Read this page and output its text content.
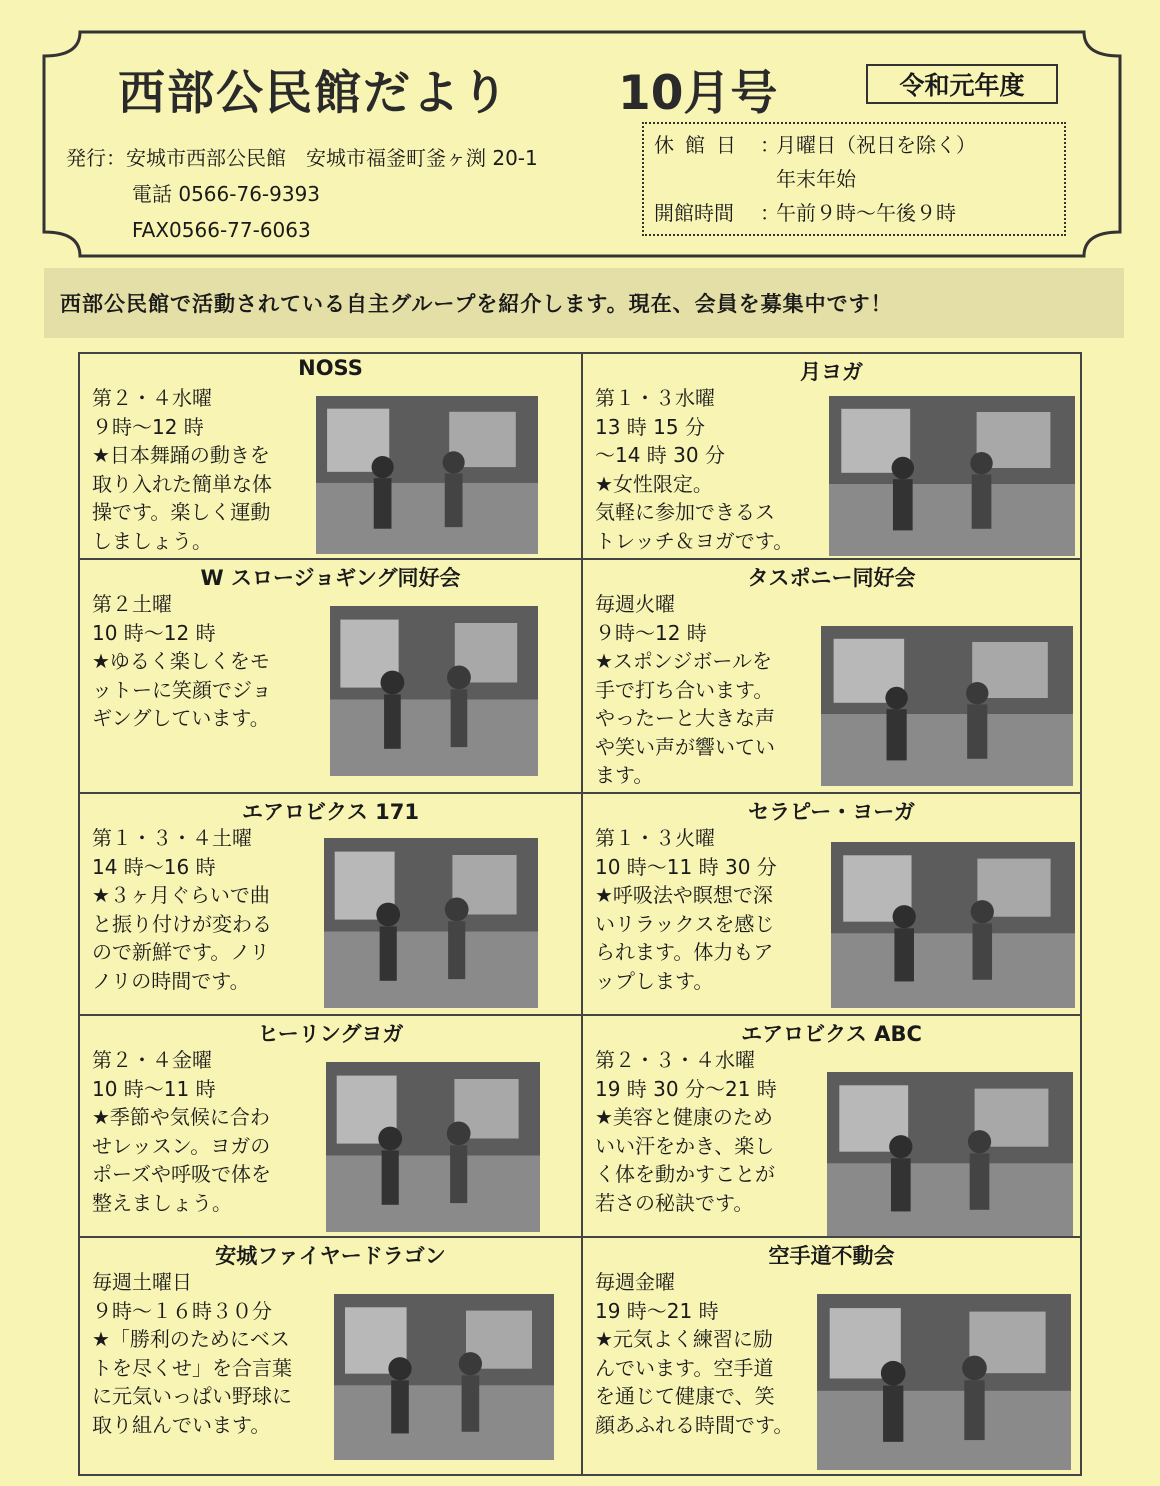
西部公民館だより 10月号	令和元年度
発行：安城市西部公民館　安城市福釜町釜ヶ渕 20-1
電話 0566-76-9393
FAX0566-77-6063
休館日 ：
月曜日（祝日を除く）
年末年始
開館時間	：
午前９時～午後９時
西部公民館で活動されている自主グループを紹介します。現在、会員を募集中です！
NOSS
第２・４水曜
９時～12 時
★日本舞踊の動きを
取り入れた簡単な体
操です。楽しく運動
しましょう。
月ヨガ
第１・３水曜
13 時 15 分
～14 時 30 分
★女性限定。
気軽に参加できるス
トレッチ＆ヨガです。
W スロージョギング同好会
第２土曜
10 時～12 時
★ゆるく楽しくをモ
ットーに笑顔でジョ
ギングしています。
タスポニー同好会
毎週火曜
９時～12 時
★スポンジボールを
手で打ち合います。
やったーと大きな声
や笑い声が響いてい
ます。
エアロビクス 171
第１・３・４土曜
14 時～16 時
★３ヶ月ぐらいで曲
と振り付けが変わる
ので新鮮です。ノリ
ノリの時間です。
セラピー・ヨーガ
第１・３火曜
10 時～11 時 30 分
★呼吸法や瞑想で深
いリラックスを感じ
られます。体力もア
ップします。
ヒーリングヨガ
第２・４金曜
10 時～11 時
★季節や気候に合わ
せレッスン。ヨガの
ポーズや呼吸で体を
整えましょう。
エアロビクス ABC
第２・３・４水曜
19 時 30 分～21 時
★美容と健康のため
いい汗をかき、楽し
く体を動かすことが
若さの秘訣です。
安城ファイヤードラゴン
毎週土曜日
９時～１６時３０分
★「勝利のためにベス
トを尽くせ」を合言葉
に元気いっぱい野球に
取り組んでいます。
空手道不動会
毎週金曜
19 時～21 時
★元気よく練習に励
んでいます。空手道
を通じて健康で、笑
顔あふれる時間です。
